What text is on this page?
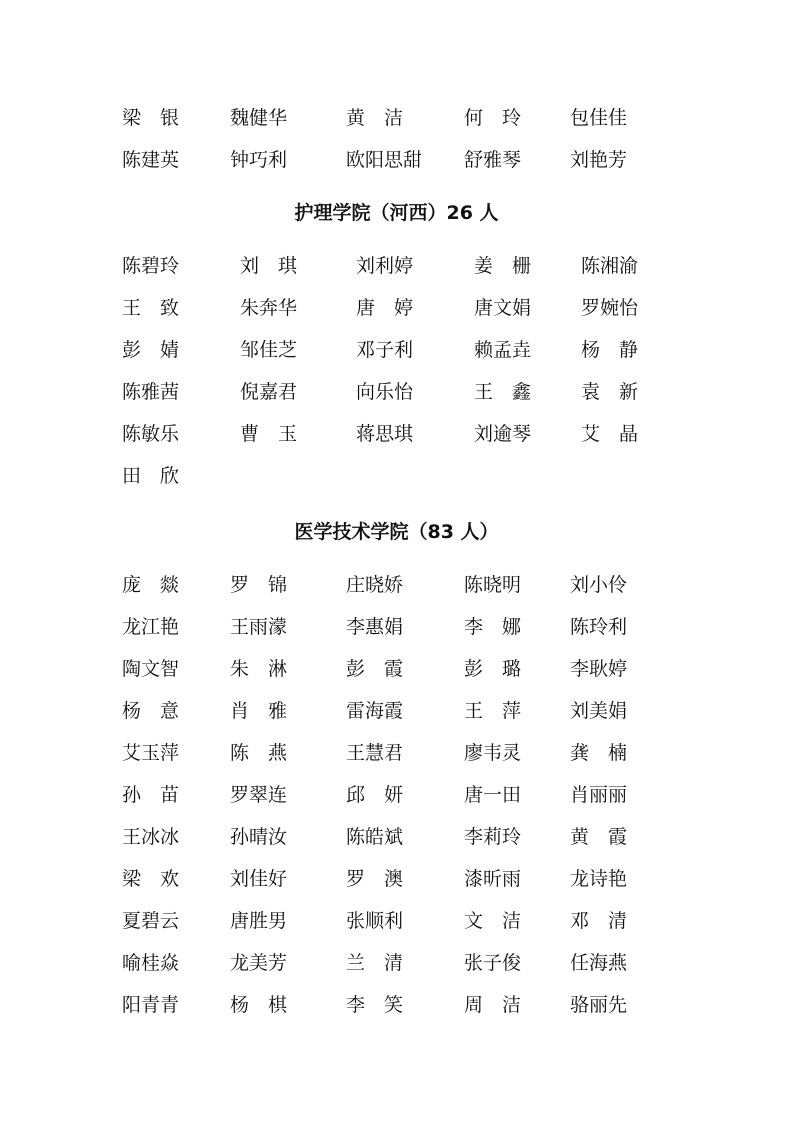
梁　银	魏健华	黄　洁	何　玲	包佳佳
陈建英	钟巧利	欧阳思甜 舒雅琴	刘艳芳
护理学院（河西）26 人
陈碧玲	刘　琪	刘利婷	姜　栅	陈湘渝
王　致	朱奔华	唐　婷	唐文娟	罗婉怡
彭　婧	邹佳芝	邓子利	赖孟垚	杨　静
陈雅茜	倪嘉君	向乐怡	王　鑫	袁　新
陈敏乐	曹　玉	蒋思琪	刘逾琴	艾　晶
田　欣
医学技术学院（83 人）
庞　燚	罗　锦	庄晓娇	陈晓明	刘小伶
龙江艳	王雨濛	李惠娟	李　娜	陈玲利
陶文智	朱　淋	彭　霞	彭　璐	李耿婷
杨　意	肖　雅	雷海霞	王　萍	刘美娟
艾玉萍	陈　燕	王慧君	廖韦灵	龚　楠
孙　苗	罗翠连	邱　妍	唐一田	肖丽丽
王冰冰	孙晴汝	陈皓斌	李莉玲	黄　霞
梁　欢	刘佳好	罗　澳	漆昕雨	龙诗艳
夏碧云	唐胜男	张顺利	文　洁	邓　清
喻桂焱	龙美芳	兰　清	张子俊	任海燕
阳青青	杨　棋	李　笑	周　洁	骆丽先
